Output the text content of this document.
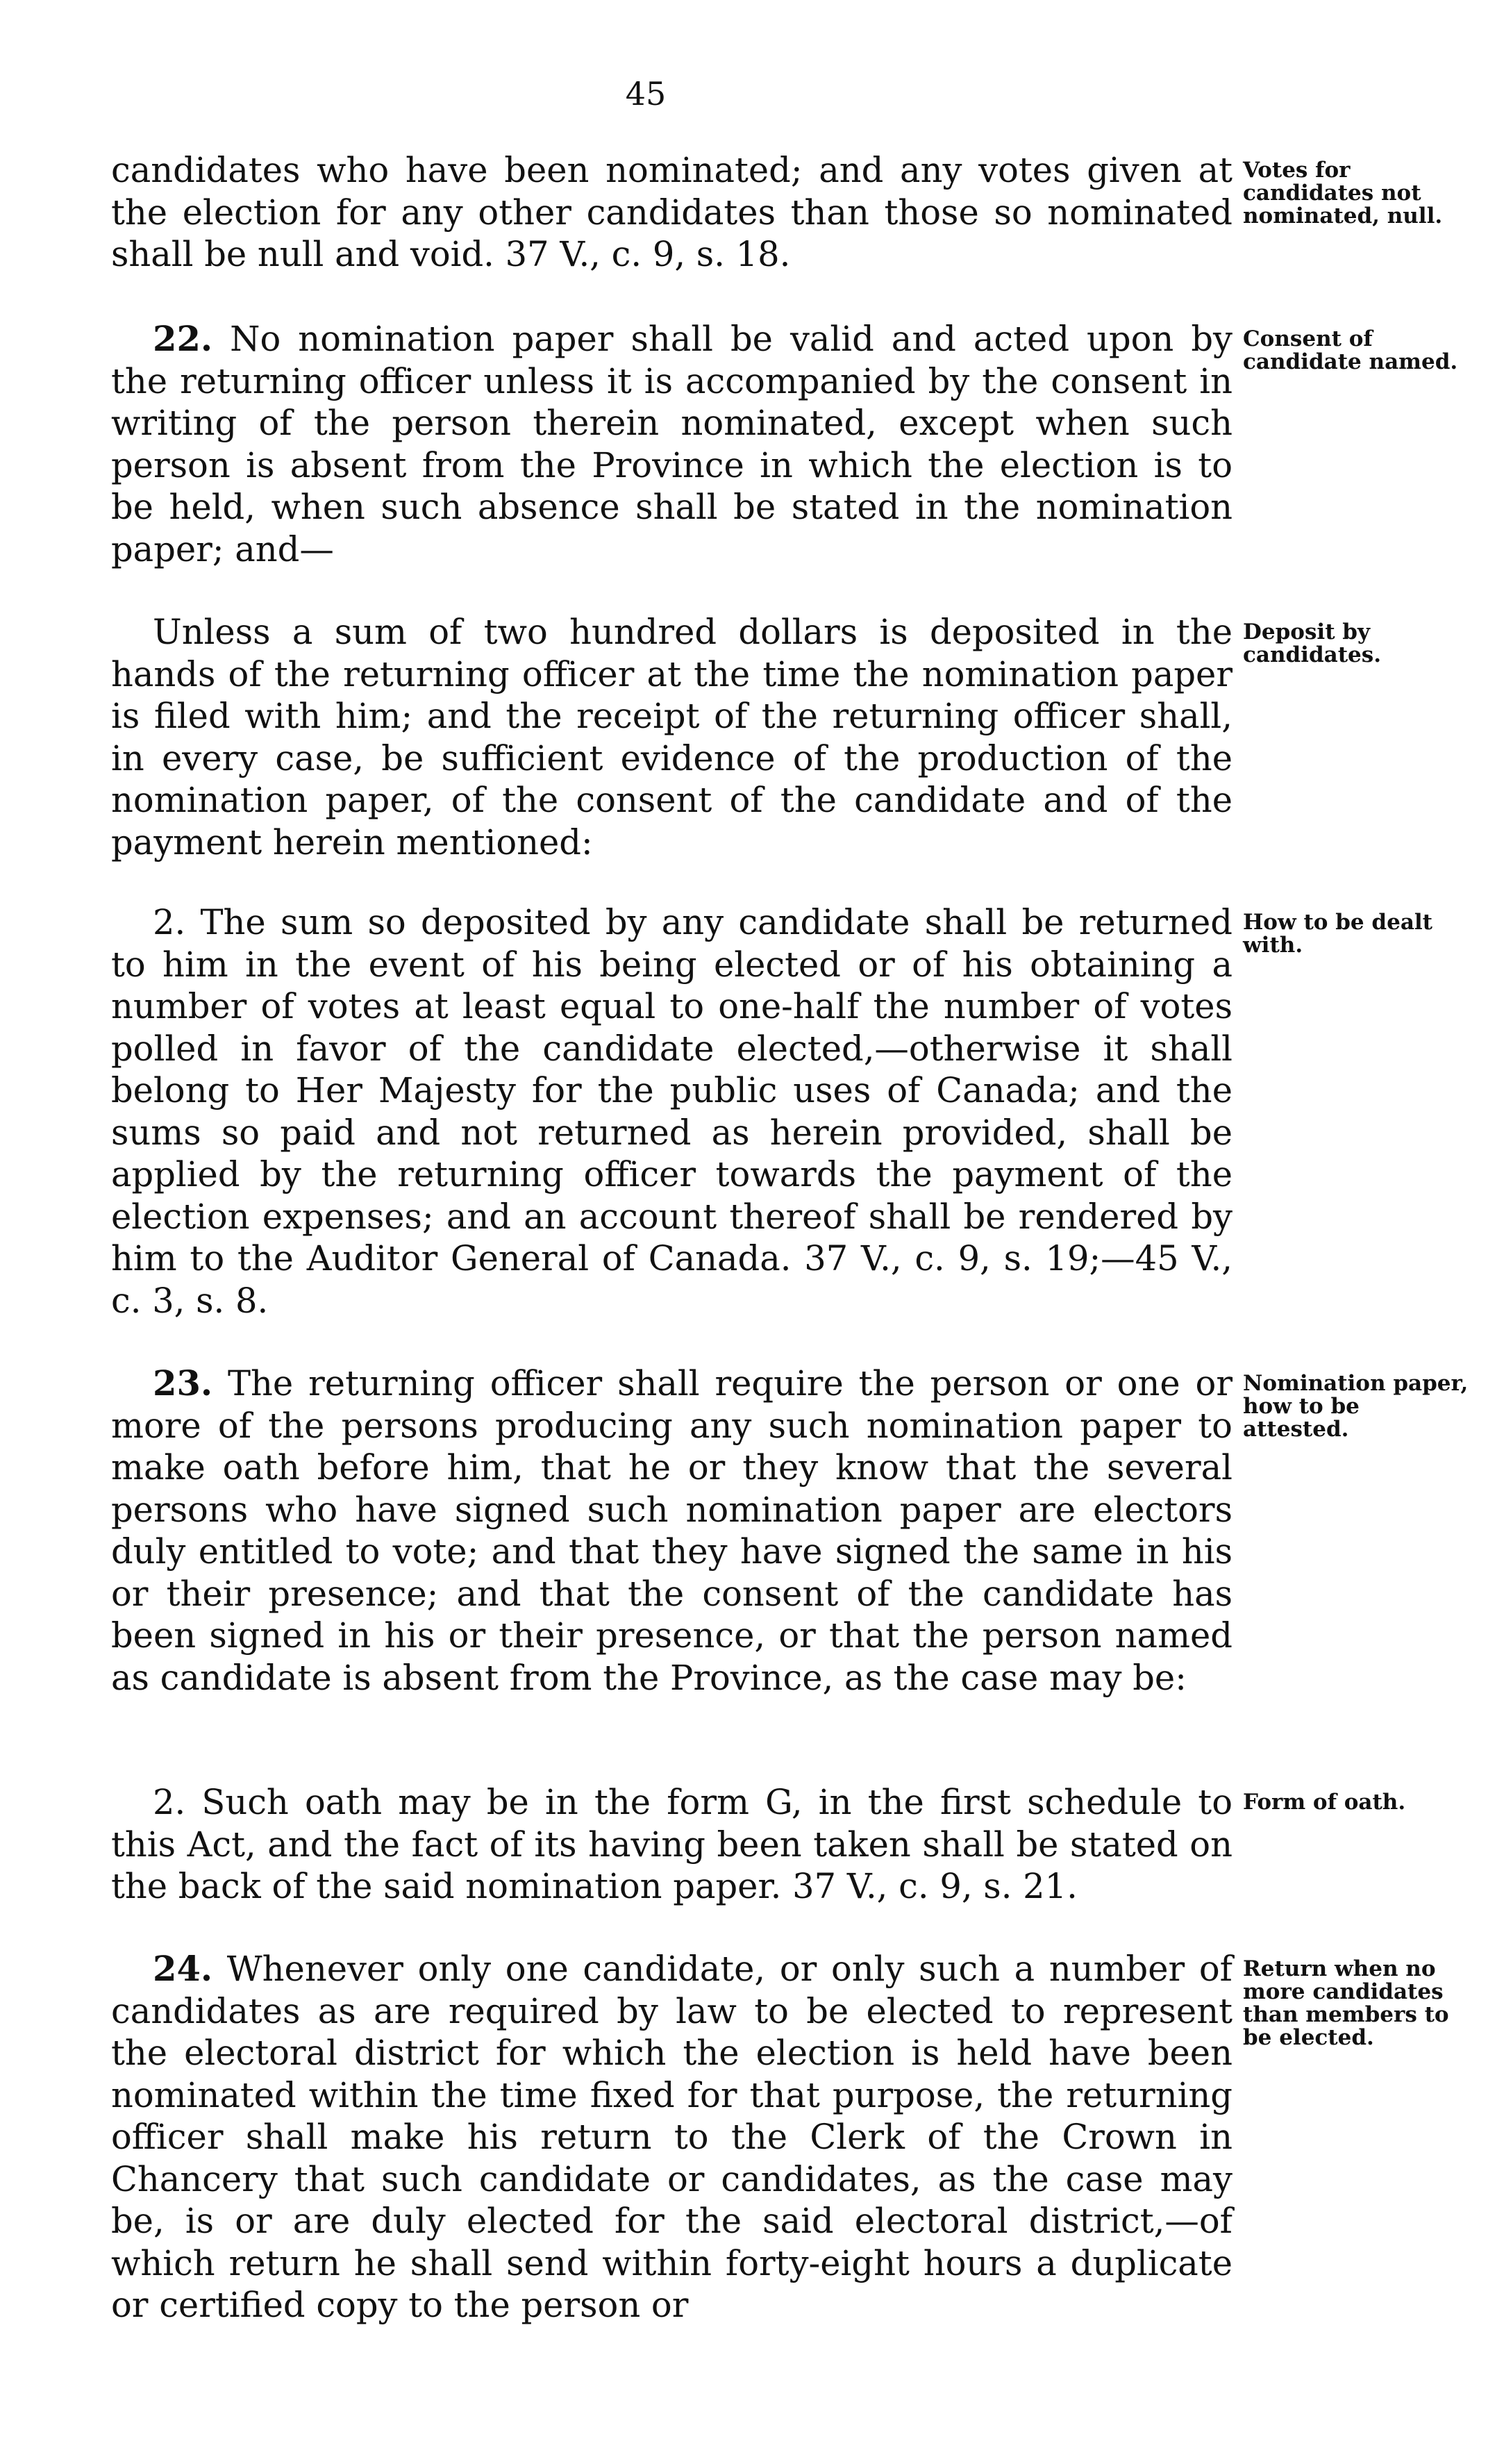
45

candidates who have been nominated; and any votes given at the election for any other candidates than those so nominated shall be null and void. 37 V., c. 9, s. 18.

Votes for candidates not nominated, null.

22. No nomination paper shall be valid and acted upon by the returning officer unless it is accompanied by the consent in writing of the person therein nominated, except when such person is absent from the Province in which the election is to be held, when such absence shall be stated in the nomination paper; and—

Consent of candidate named.

Unless a sum of two hundred dollars is deposited in the hands of the returning officer at the time the nomination paper is filed with him; and the receipt of the returning officer shall, in every case, be sufficient evidence of the production of the nomination paper, of the consent of the candidate and of the payment herein mentioned:

Deposit by candidates.

2. The sum so deposited by any candidate shall be returned to him in the event of his being elected or of his obtaining a number of votes at least equal to one-half the number of votes polled in favor of the candidate elected,—otherwise it shall belong to Her Majesty for the public uses of Canada; and the sums so paid and not returned as herein provided, shall be applied by the returning officer towards the payment of the election expenses; and an account thereof shall be rendered by him to the Auditor General of Canada. 37 V., c. 9, s. 19;—45 V., c. 3, s. 8.

How to be dealt with.

23. The returning officer shall require the person or one or more of the persons producing any such nomination paper to make oath before him, that he or they know that the several persons who have signed such nomination paper are electors duly entitled to vote; and that they have signed the same in his or their presence; and that the consent of the candidate has been signed in his or their presence, or that the person named as candidate is absent from the Province, as the case may be:

Nomination paper, how to be attested.

2. Such oath may be in the form G, in the first schedule to this Act, and the fact of its having been taken shall be stated on the back of the said nomination paper. 37 V., c. 9, s. 21.

Form of oath.

24. Whenever only one candidate, or only such a number of candidates as are required by law to be elected to represent the electoral district for which the election is held have been nominated within the time fixed for that purpose, the returning officer shall make his return to the Clerk of the Crown in Chancery that such candidate or candidates, as the case may be, is or are duly elected for the said electoral district,—of which return he shall send within forty-eight hours a duplicate or certified copy to the person or

Return when no more candidates than members to be elected.
